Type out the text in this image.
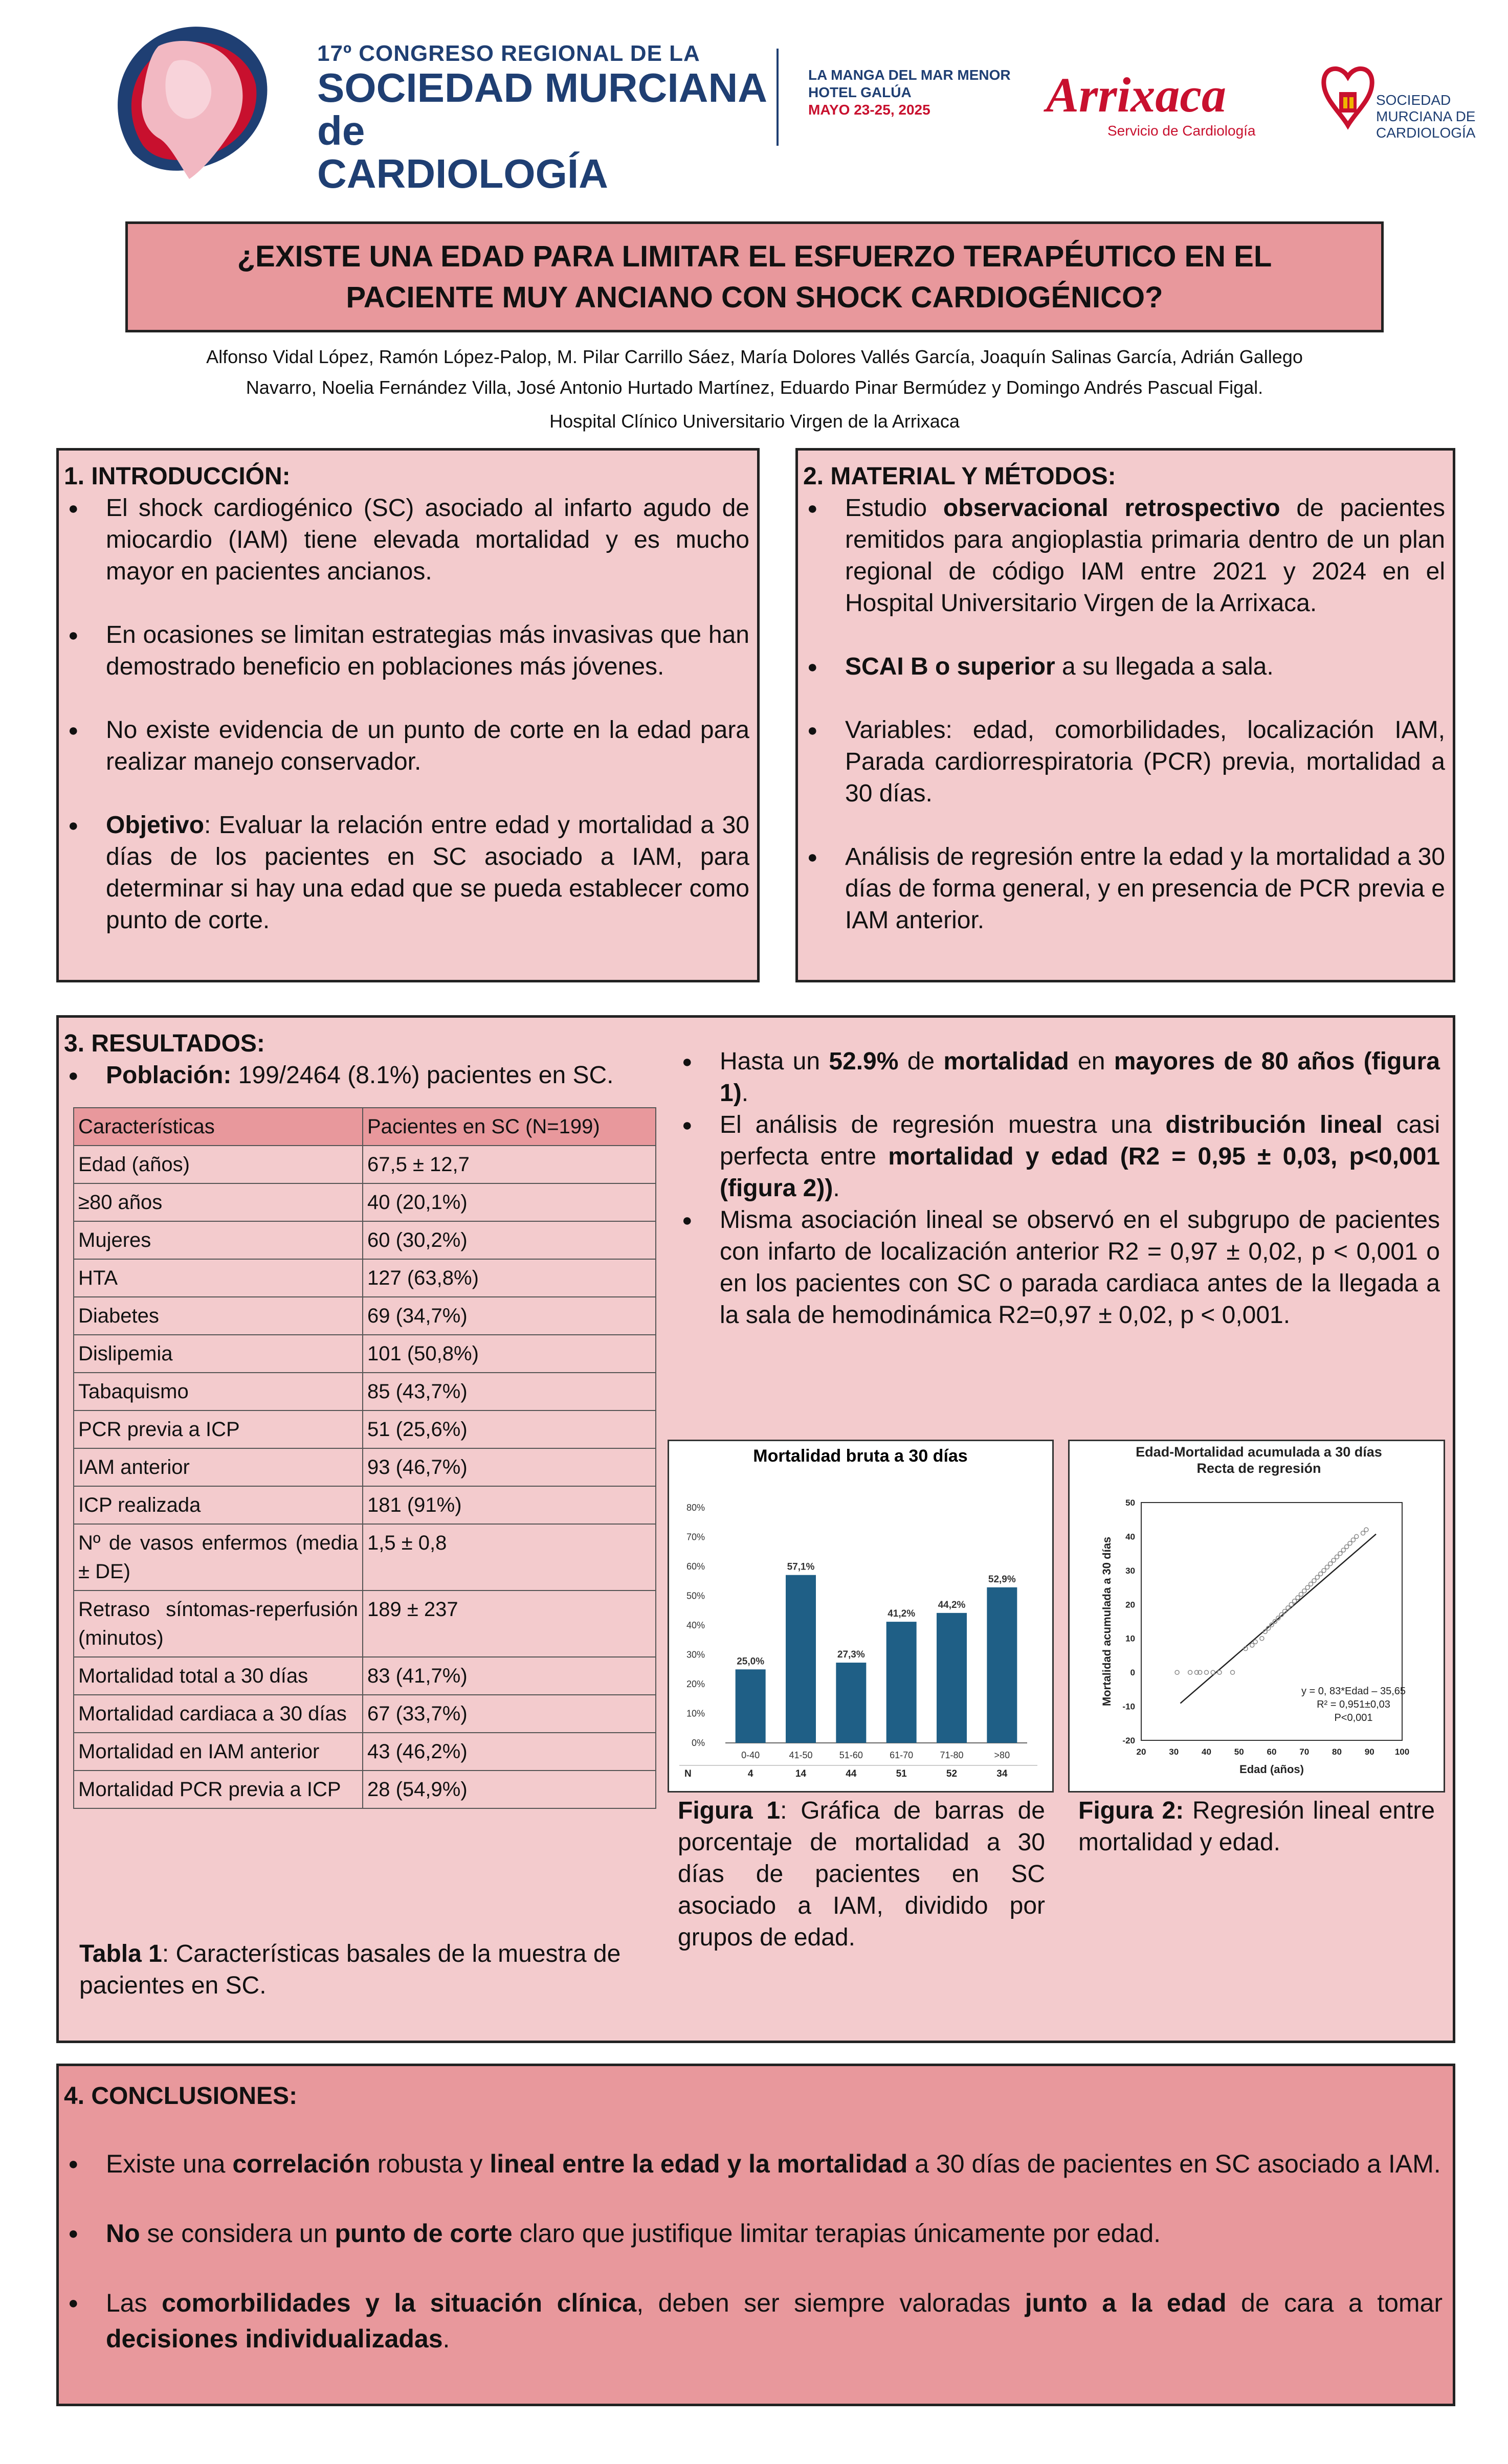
17º CONGRESO REGIONAL DE LA
SOCIEDAD MURCIANA de
CARDIOLOGÍA
LA MANGA DEL MAR MENOR
HOTEL GALÚA
MAYO 23-25, 2025	Arrixaca
Servicio de Cardiología
SOCIEDAD
MURCIANA DE
CARDIOLOGÍA
¿EXISTE UNA EDAD PARA LIMITAR EL ESFUERZO TERAPÉUTICO EN EL
PACIENTE MUY ANCIANO CON SHOCK CARDIOGÉNICO?
Alfonso Vidal López, Ramón López-Palop, M. Pilar Carrillo Sáez, María Dolores Vallés García, Joaquín Salinas García, Adrián Gallego
Navarro, Noelia Fernández Villa, José Antonio Hurtado Martínez, Eduardo Pinar Bermúdez y Domingo Andrés Pascual Figal.
Hospital Clínico Universitario Virgen de la Arrixaca
1. INTRODUCCIÓN:
● El shock cardiogénico (SC) asociado al infarto agudo de miocardio (IAM) tiene elevada mortalidad y es mucho mayor en pacientes ancianos.
● En ocasiones se limitan estrategias más invasivas que han demostrado beneficio en poblaciones más jóvenes.
● No existe evidencia de un punto de corte en la edad para realizar manejo conservador.
● Objetivo: Evaluar la relación entre edad y mortalidad a 30 días de los pacientes en SC asociado a IAM, para determinar si hay una edad que se pueda establecer como punto de corte.
2. MATERIAL Y MÉTODOS:
● Estudio observacional retrospectivo de pacientes remitidos para angioplastia primaria dentro de un plan regional de código IAM entre 2021 y 2024 en el Hospital Universitario Virgen de la Arrixaca.
● SCAI B o superior a su llegada a sala.
● Variables: edad, comorbilidades, localización IAM, Parada cardiorrespiratoria (PCR) previa, mortalidad a 30 días.
● Análisis de regresión entre la edad y la mortalidad a 30 días de forma general, y en presencia de PCR previa e IAM anterior.
3. RESULTADOS:
● Población: 199/2464 (8.1%) pacientes en SC.
Características	Pacientes en SC (N=199)
Edad (años)	67,5 ± 12,7
≥80 años	40 (20,1%)
Mujeres	60 (30,2%)
HTA	127 (63,8%)
Diabetes	69 (34,7%)
Dislipemia	101 (50,8%)
Tabaquismo	85 (43,7%)
PCR previa a ICP	51 (25,6%)
IAM anterior	93 (46,7%)
ICP realizada	181 (91%)
Nº de vasos enfermos (media ± DE)	1,5 ± 0,8
Retraso síntomas-reperfusión (minutos)	189 ± 237
Mortalidad total a 30 días	83 (41,7%)
Mortalidad cardiaca a 30 días	67 (33,7%)
Mortalidad en IAM anterior	43 (46,2%)
Mortalidad PCR previa a ICP	28 (54,9%)
Tabla 1: Características basales de la muestra de pacientes en SC.
● Hasta un 52.9% de mortalidad en mayores de 80 años (figura 1).
● El análisis de regresión muestra una distribución lineal casi perfecta entre mortalidad y edad (R2 = 0,95 ± 0,03, p<0,001 (figura 2)).
● Misma asociación lineal se observó en el subgrupo de pacientes con infarto de localización anterior R2 = 0,97 ± 0,02, p < 0,001 o en los pacientes con SC o parada cardiaca antes de la llegada a la sala de hemodinámica R2=0,97 ± 0,02, p < 0,001.
Mortalidad bruta a 30 días
0%
10%
20%
30%
40%
50%
60%
70%
80%
25,0%
0-40
4
57,1%
41-50
14
27,3%
51-60
44
41,2%
61-70
51
44,2%
71-80
52
52,9%
>80
34
N
Figura 1: Gráfica de barras de porcentaje de mortalidad a 30 días de pacientes en SC asociado a IAM, dividido por grupos de edad.
Edad-Mortalidad acumulada a 30 días
Recta de regresión
20	30	40	50	60	70	80	90 100
-20
-10
0
10
20
30
40
50
Edad (años)
Mortalidad acumulada a 30 días	y = 0, 83*Edad – 35,65
R² = 0,951±0,03
P<0,001
Figura 2: Regresión lineal entre mortalidad y edad.
4. CONCLUSIONES:
● Existe una correlación robusta y lineal entre la edad y la mortalidad a 30 días de pacientes en SC asociado a IAM.
● No se considera un punto de corte claro que justifique limitar terapias únicamente por edad.
● Las comorbilidades y la situación clínica, deben ser siempre valoradas junto a la edad de cara a tomar decisiones individualizadas.
